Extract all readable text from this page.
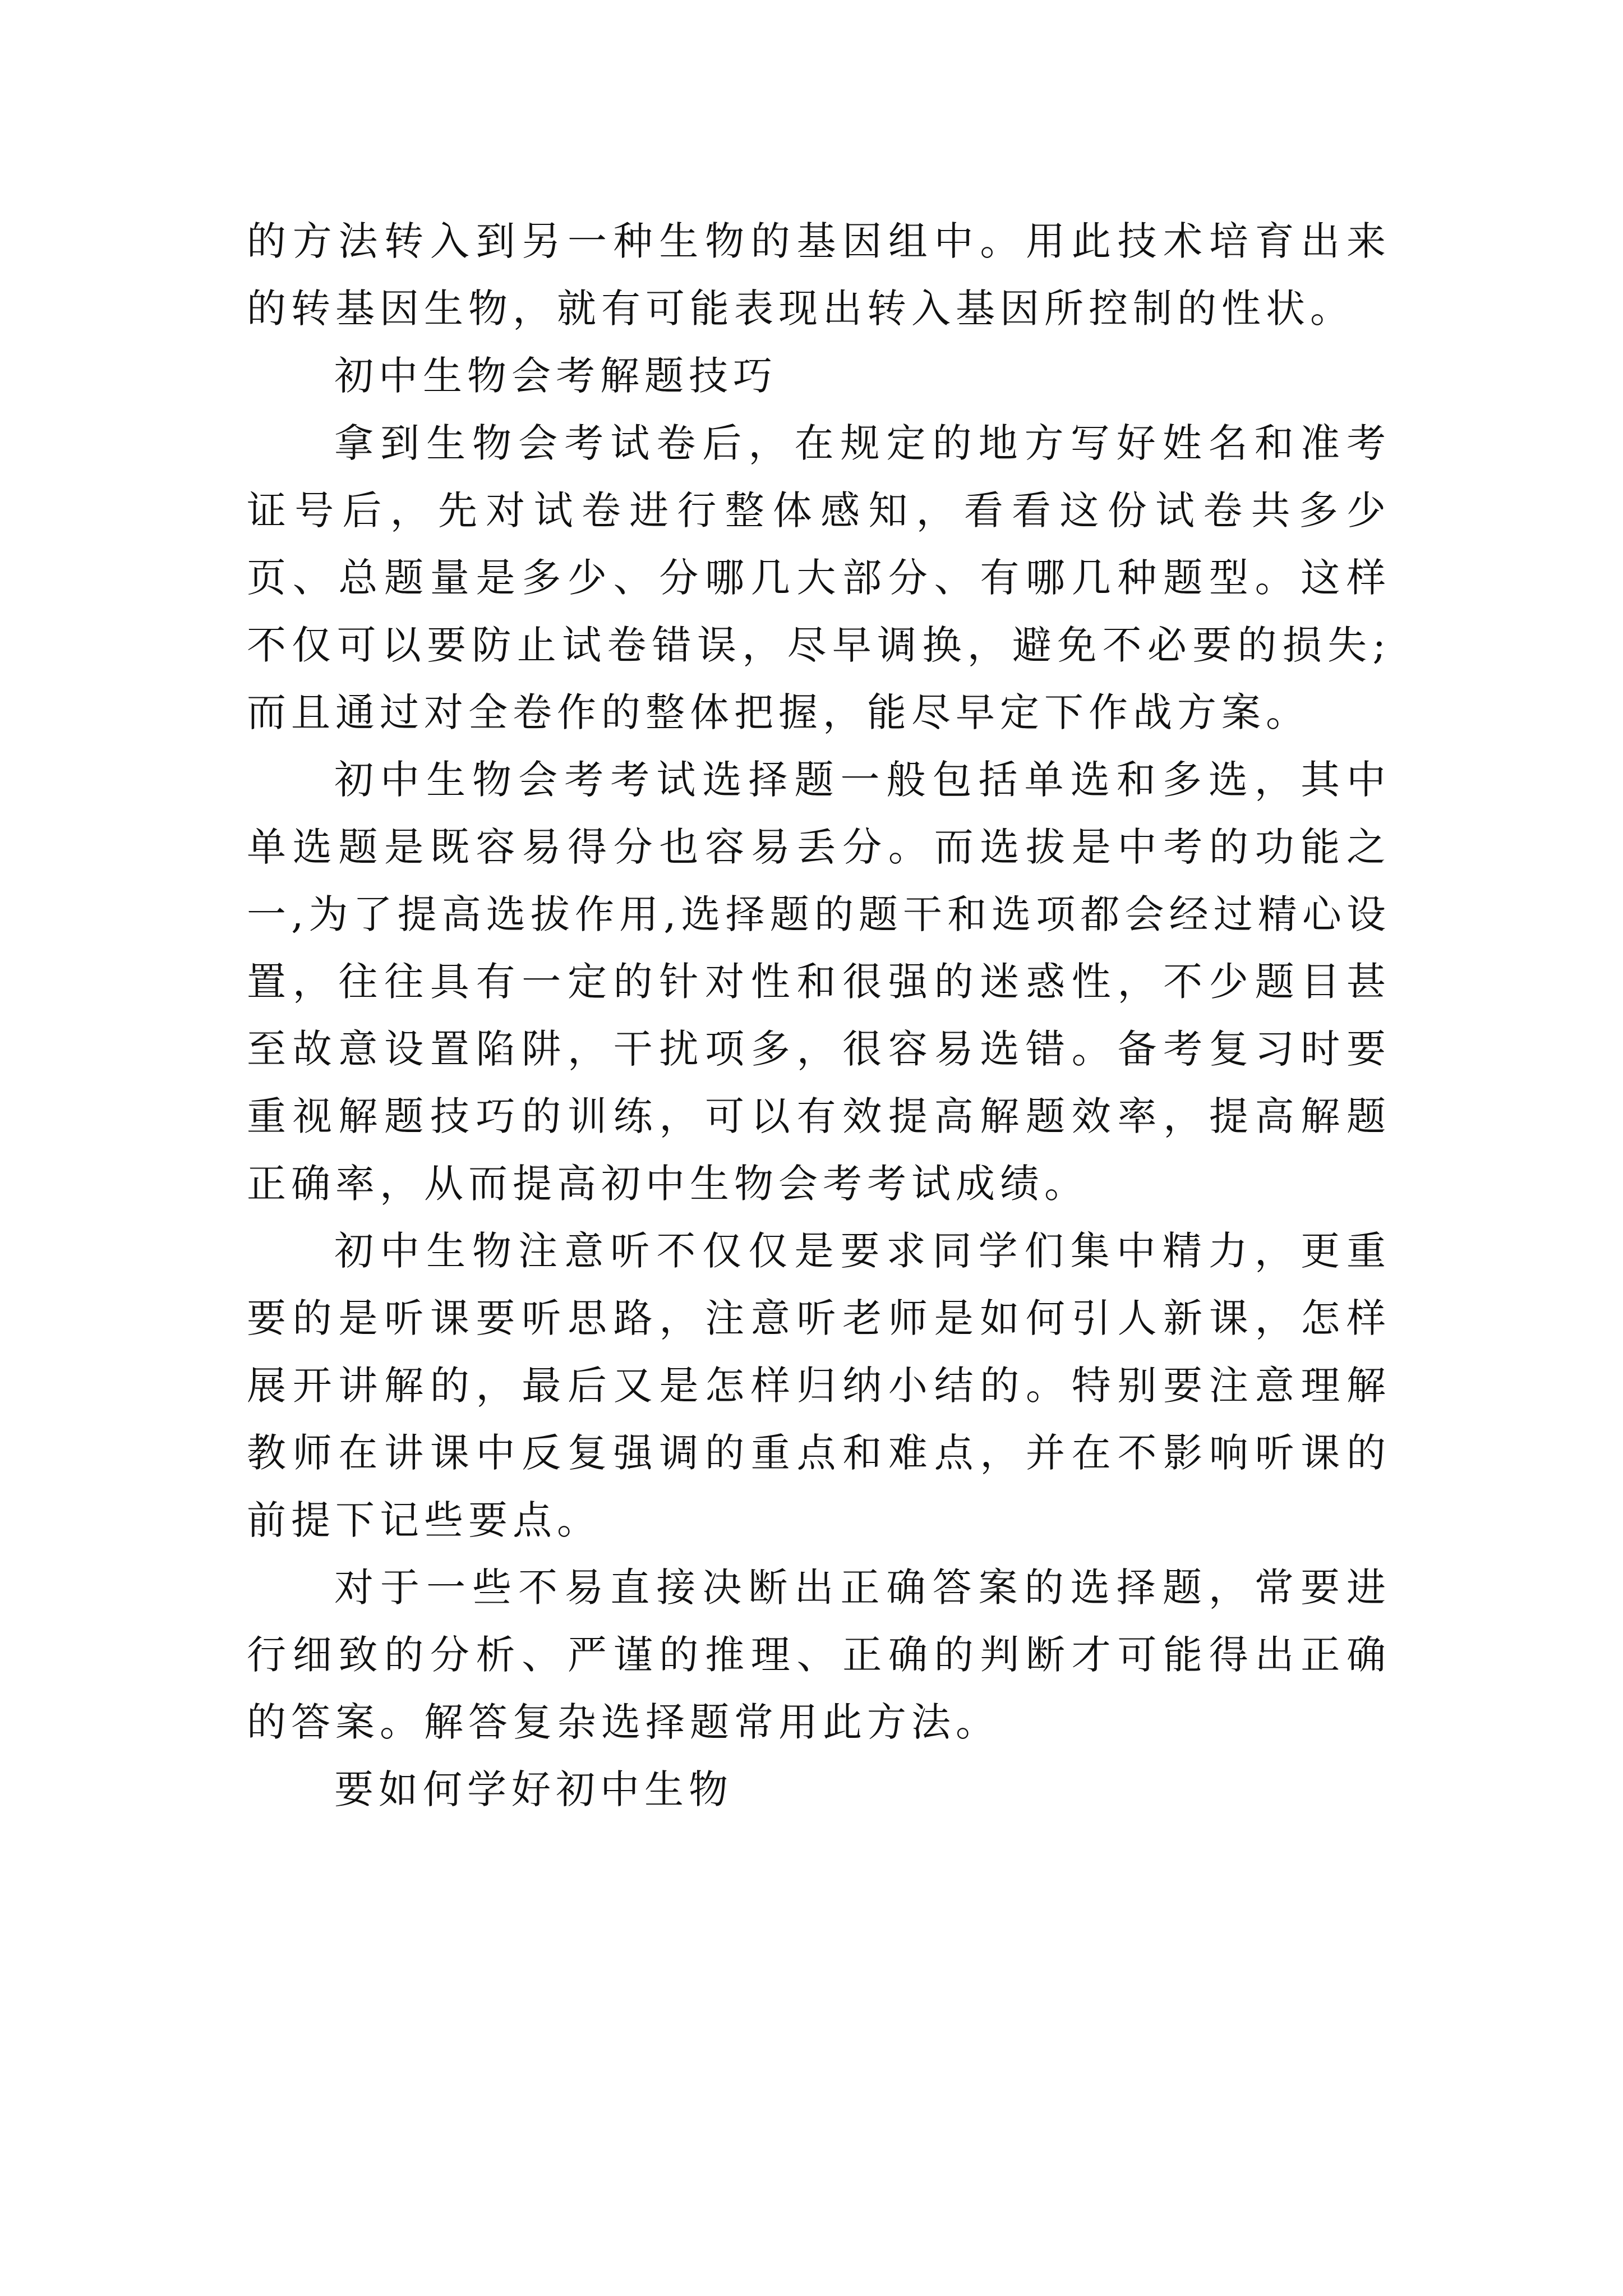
的方法转入到另一种生物的基因组中。用此技术培育出来的转基因生物，就有可能表现出转入基因所控制的性状。

初中生物会考解题技巧

拿到生物会考试卷后，在规定的地方写好姓名和准考证号后，先对试卷进行整体感知，看看这份试卷共多少页、总题量是多少、分哪几大部分、有哪几种题型。这样不仅可以要防止试卷错误，尽早调换，避免不必要的损失;而且通过对全卷作的整体把握，能尽早定下作战方案。

初中生物会考考试选择题一般包括单选和多选，其中单选题是既容易得分也容易丢分。而选拔是中考的功能之一,为了提高选拔作用,选择题的题干和选项都会经过精心设置，往往具有一定的针对性和很强的迷惑性，不少题目甚至故意设置陷阱，干扰项多，很容易选错。备考复习时要重视解题技巧的训练，可以有效提高解题效率，提高解题正确率，从而提高初中生物会考考试成绩。

初中生物注意听不仅仅是要求同学们集中精力，更重要的是听课要听思路，注意听老师是如何引人新课，怎样展开讲解的，最后又是怎样归纳小结的。特别要注意理解教师在讲课中反复强调的重点和难点，并在不影响听课的前提下记些要点。

对于一些不易直接决断出正确答案的选择题，常要进行细致的分析、严谨的推理、正确的判断才可能得出正确的答案。解答复杂选择题常用此方法。

要如何学好初中生物
